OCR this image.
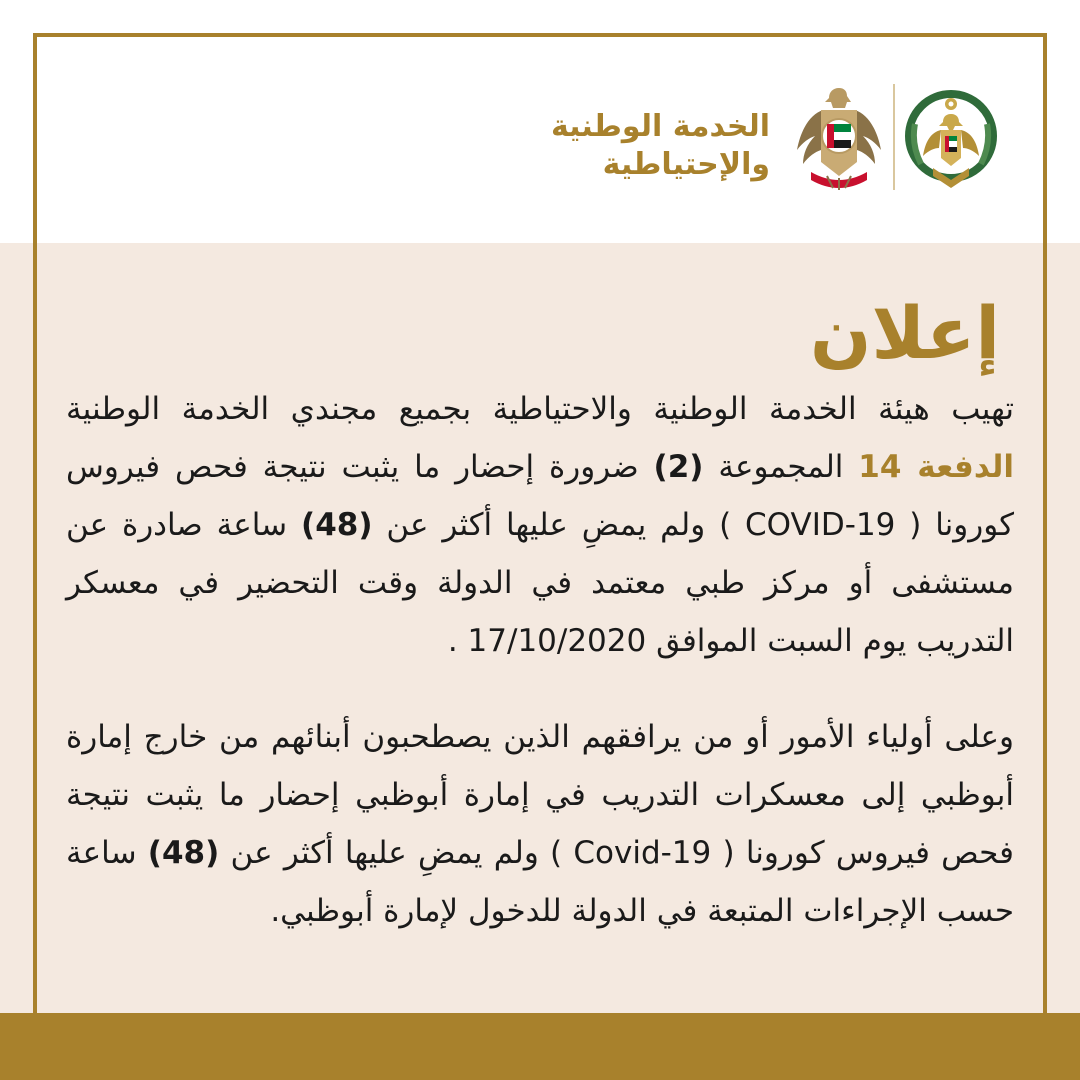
الخدمة الوطنية
والإحتياطية
إعلان

تهيب هيئة الخدمة الوطنية والاحتياطية بجميع مجندي الخدمة الوطنية الدفعة 14 المجموعة (2) ضرورة إحضار ما يثبت نتيجة فحص فيروس كورونا ( COVID-19 ) ولم يمضِ عليها أكثر عن (48) ساعة صادرة عن مستشفى أو مركز طبي معتمد في الدولة وقت التحضير في معسكر التدريب يوم السبت الموافق 17/10/2020 .

وعلى أولياء الأمور أو من يرافقهم الذين يصطحبون أبنائهم من خارج إمارة أبوظبي إلى معسكرات التدريب في إمارة أبوظبي إحضار ما يثبت نتيجة فحص فيروس كورونا ( Covid-19 ) ولم يمضِ عليها أكثر عن (48) ساعة حسب الإجراءات المتبعة في الدولة للدخول لإمارة أبوظبي.
